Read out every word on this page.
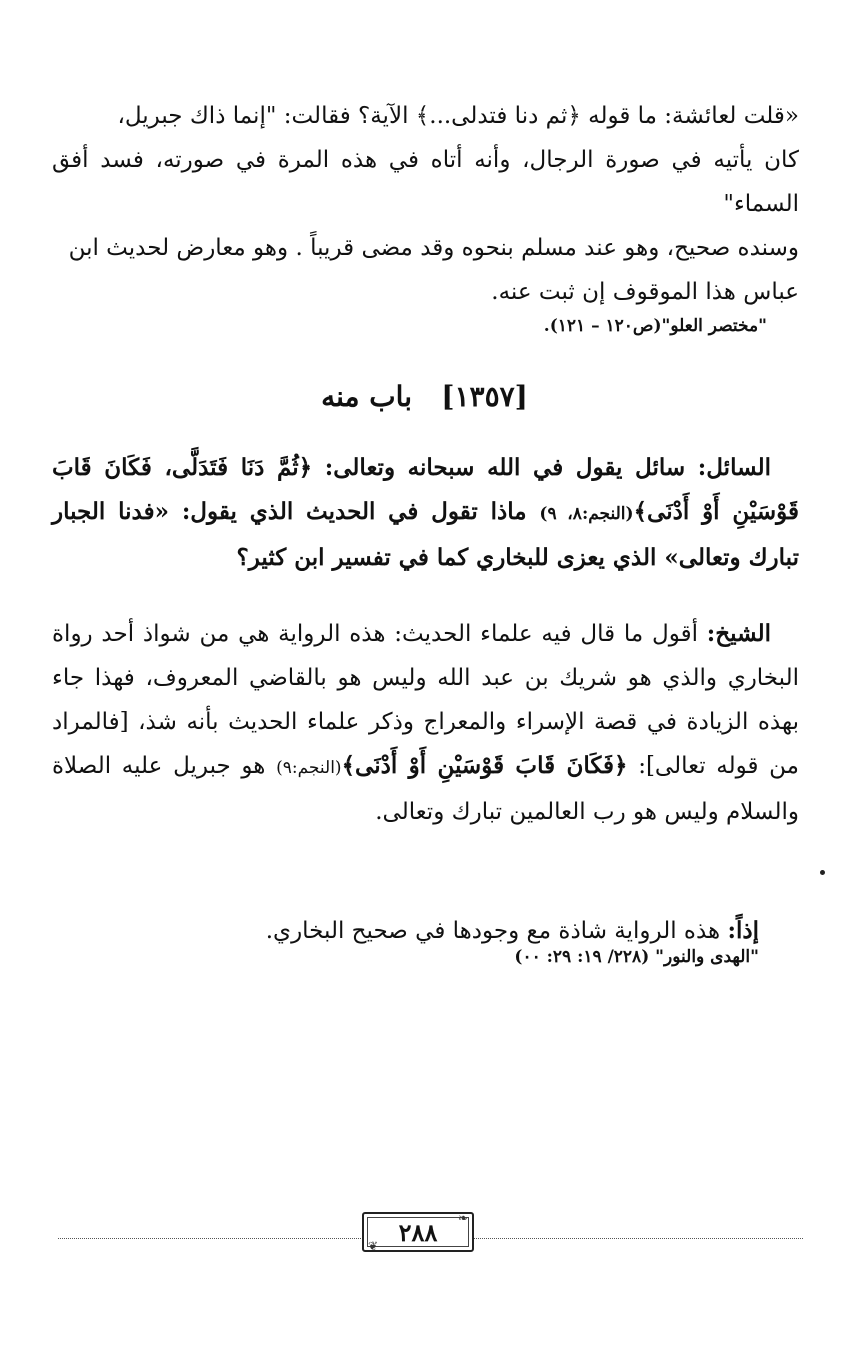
«قلت لعائشة: ما قوله ﴿ثم دنا فتدلى...﴾ الآية؟ فقالت: "إنما ذاك جبريل،

كان يأتيه في صورة الرجال، وأنه أتاه في هذه المرة في صورته، فسد أفق السماء"

وسنده صحيح، وهو عند مسلم بنحوه وقد مضى قريباً . وهو معارض لحديث ابن

عباس هذا الموقوف إن ثبت عنه.

"مختصر العلو"(ص١٢٠ – ١٢١).

[١٣٥٧]   باب منه

السائل: سائل يقول في الله سبحانه وتعالى: ﴿ثُمَّ دَنَا فَتَدَلَّى، فَكَانَ قَابَ قَوْسَيْنِ أَوْ أَدْنَى﴾(النجم:٨، ٩) ماذا تقول في الحديث الذي يقول: «فدنا الجبار تبارك وتعالى» الذي يعزى للبخاري كما في تفسير ابن كثير؟

الشيخ: أقول ما قال فيه علماء الحديث: هذه الرواية هي من شواذ أحد رواة البخاري والذي هو شريك بن عبد الله وليس هو بالقاضي المعروف، فهذا جاء بهذه الزيادة في قصة الإسراء والمعراج وذكر علماء الحديث بأنه شذ، [فالمراد من قوله تعالى]: ﴿فَكَانَ قَابَ قَوْسَيْنِ أَوْ أَدْنَى﴾(النجم:٩) هو جبريل عليه الصلاة والسلام وليس هو رب العالمين تبارك وتعالى.

إذاً: هذه الرواية شاذة مع وجودها في صحيح البخاري.

"الهدى والنور" (٢٢٨/ ١٩: ٢٩: ٠٠)

❧
٢٨٨
❦
